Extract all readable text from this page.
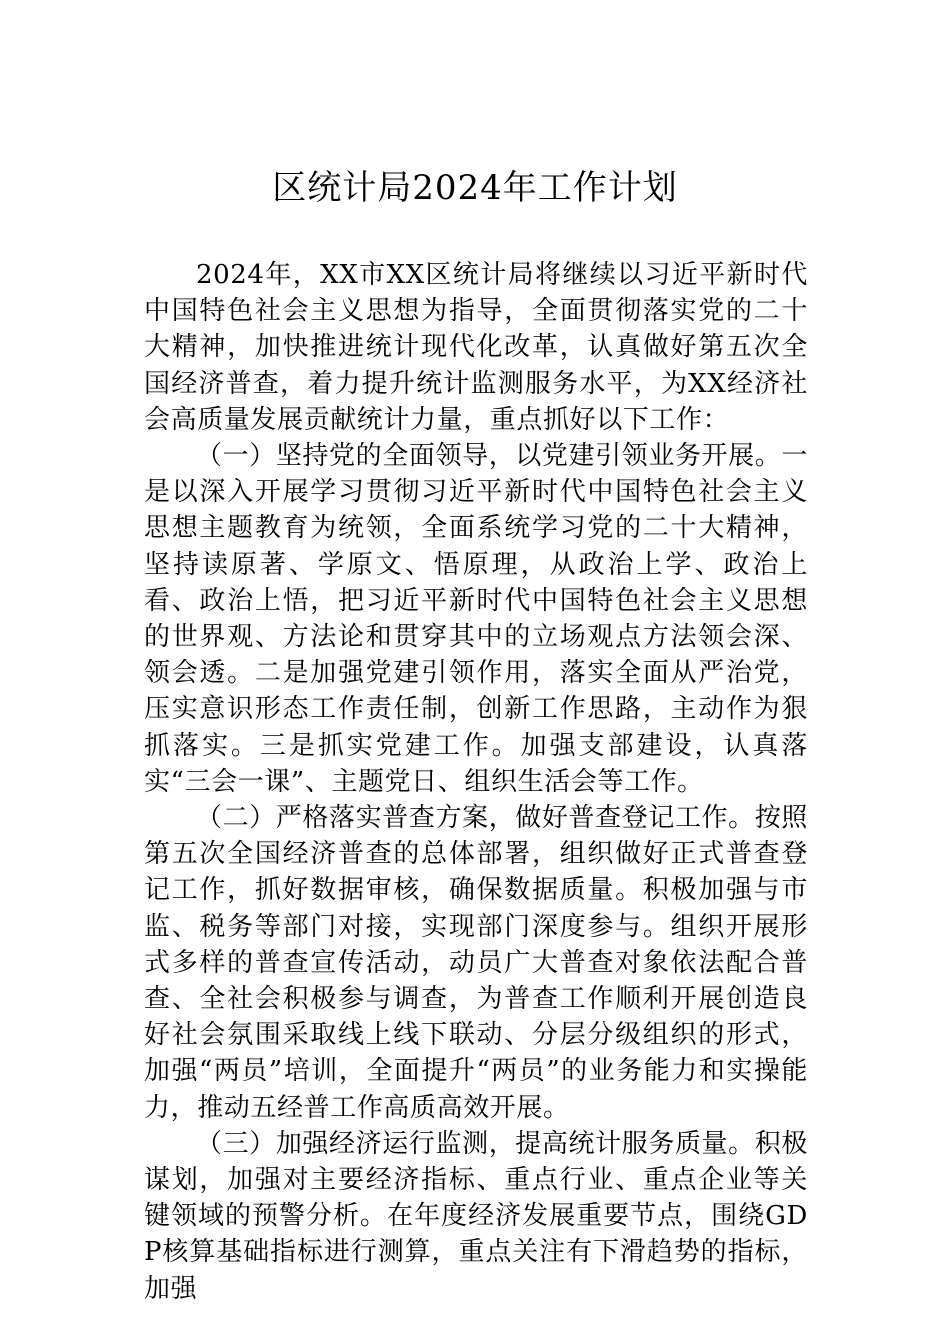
区统计局2024年工作计划

2024年，XX市XX区统计局将继续以习近平新时代中国特色社会主义思想为指导，全面贯彻落实党的二十大精神，加快推进统计现代化改革，认真做好第五次全国经济普查，着力提升统计监测服务水平，为XX经济社会高质量发展贡献统计力量，重点抓好以下工作：

（一）坚持党的全面领导，以党建引领业务开展。一是以深入开展学习贯彻习近平新时代中国特色社会主义思想主题教育为统领，全面系统学习党的二十大精神，坚持读原著、学原文、悟原理，从政治上学、政治上看、政治上悟，把习近平新时代中国特色社会主义思想的世界观、方法论和贯穿其中的立场观点方法领会深、领会透。二是加强党建引领作用，落实全面从严治党，压实意识形态工作责任制，创新工作思路，主动作为狠抓落实。三是抓实党建工作。加强支部建设，认真落实“三会一课”、主题党日、组织生活会等工作。

（二）严格落实普查方案，做好普查登记工作。按照第五次全国经济普查的总体部署，组织做好正式普查登记工作，抓好数据审核，确保数据质量。积极加强与市监、税务等部门对接，实现部门深度参与。组织开展形式多样的普查宣传活动，动员广大普查对象依法配合普查、全社会积极参与调查，为普查工作顺利开展创造良好社会氛围采取线上线下联动、分层分级组织的形式，加强“两员”培训，全面提升“两员”的业务能力和实操能力，推动五经普工作高质高效开展。

（三）加强经济运行监测，提高统计服务质量。积极谋划，加强对主要经济指标、重点行业、重点企业等关键领域的预警分析。在年度经济发展重要节点，围绕GDP核算基础指标进行测算，重点关注有下滑趋势的指标，加强
